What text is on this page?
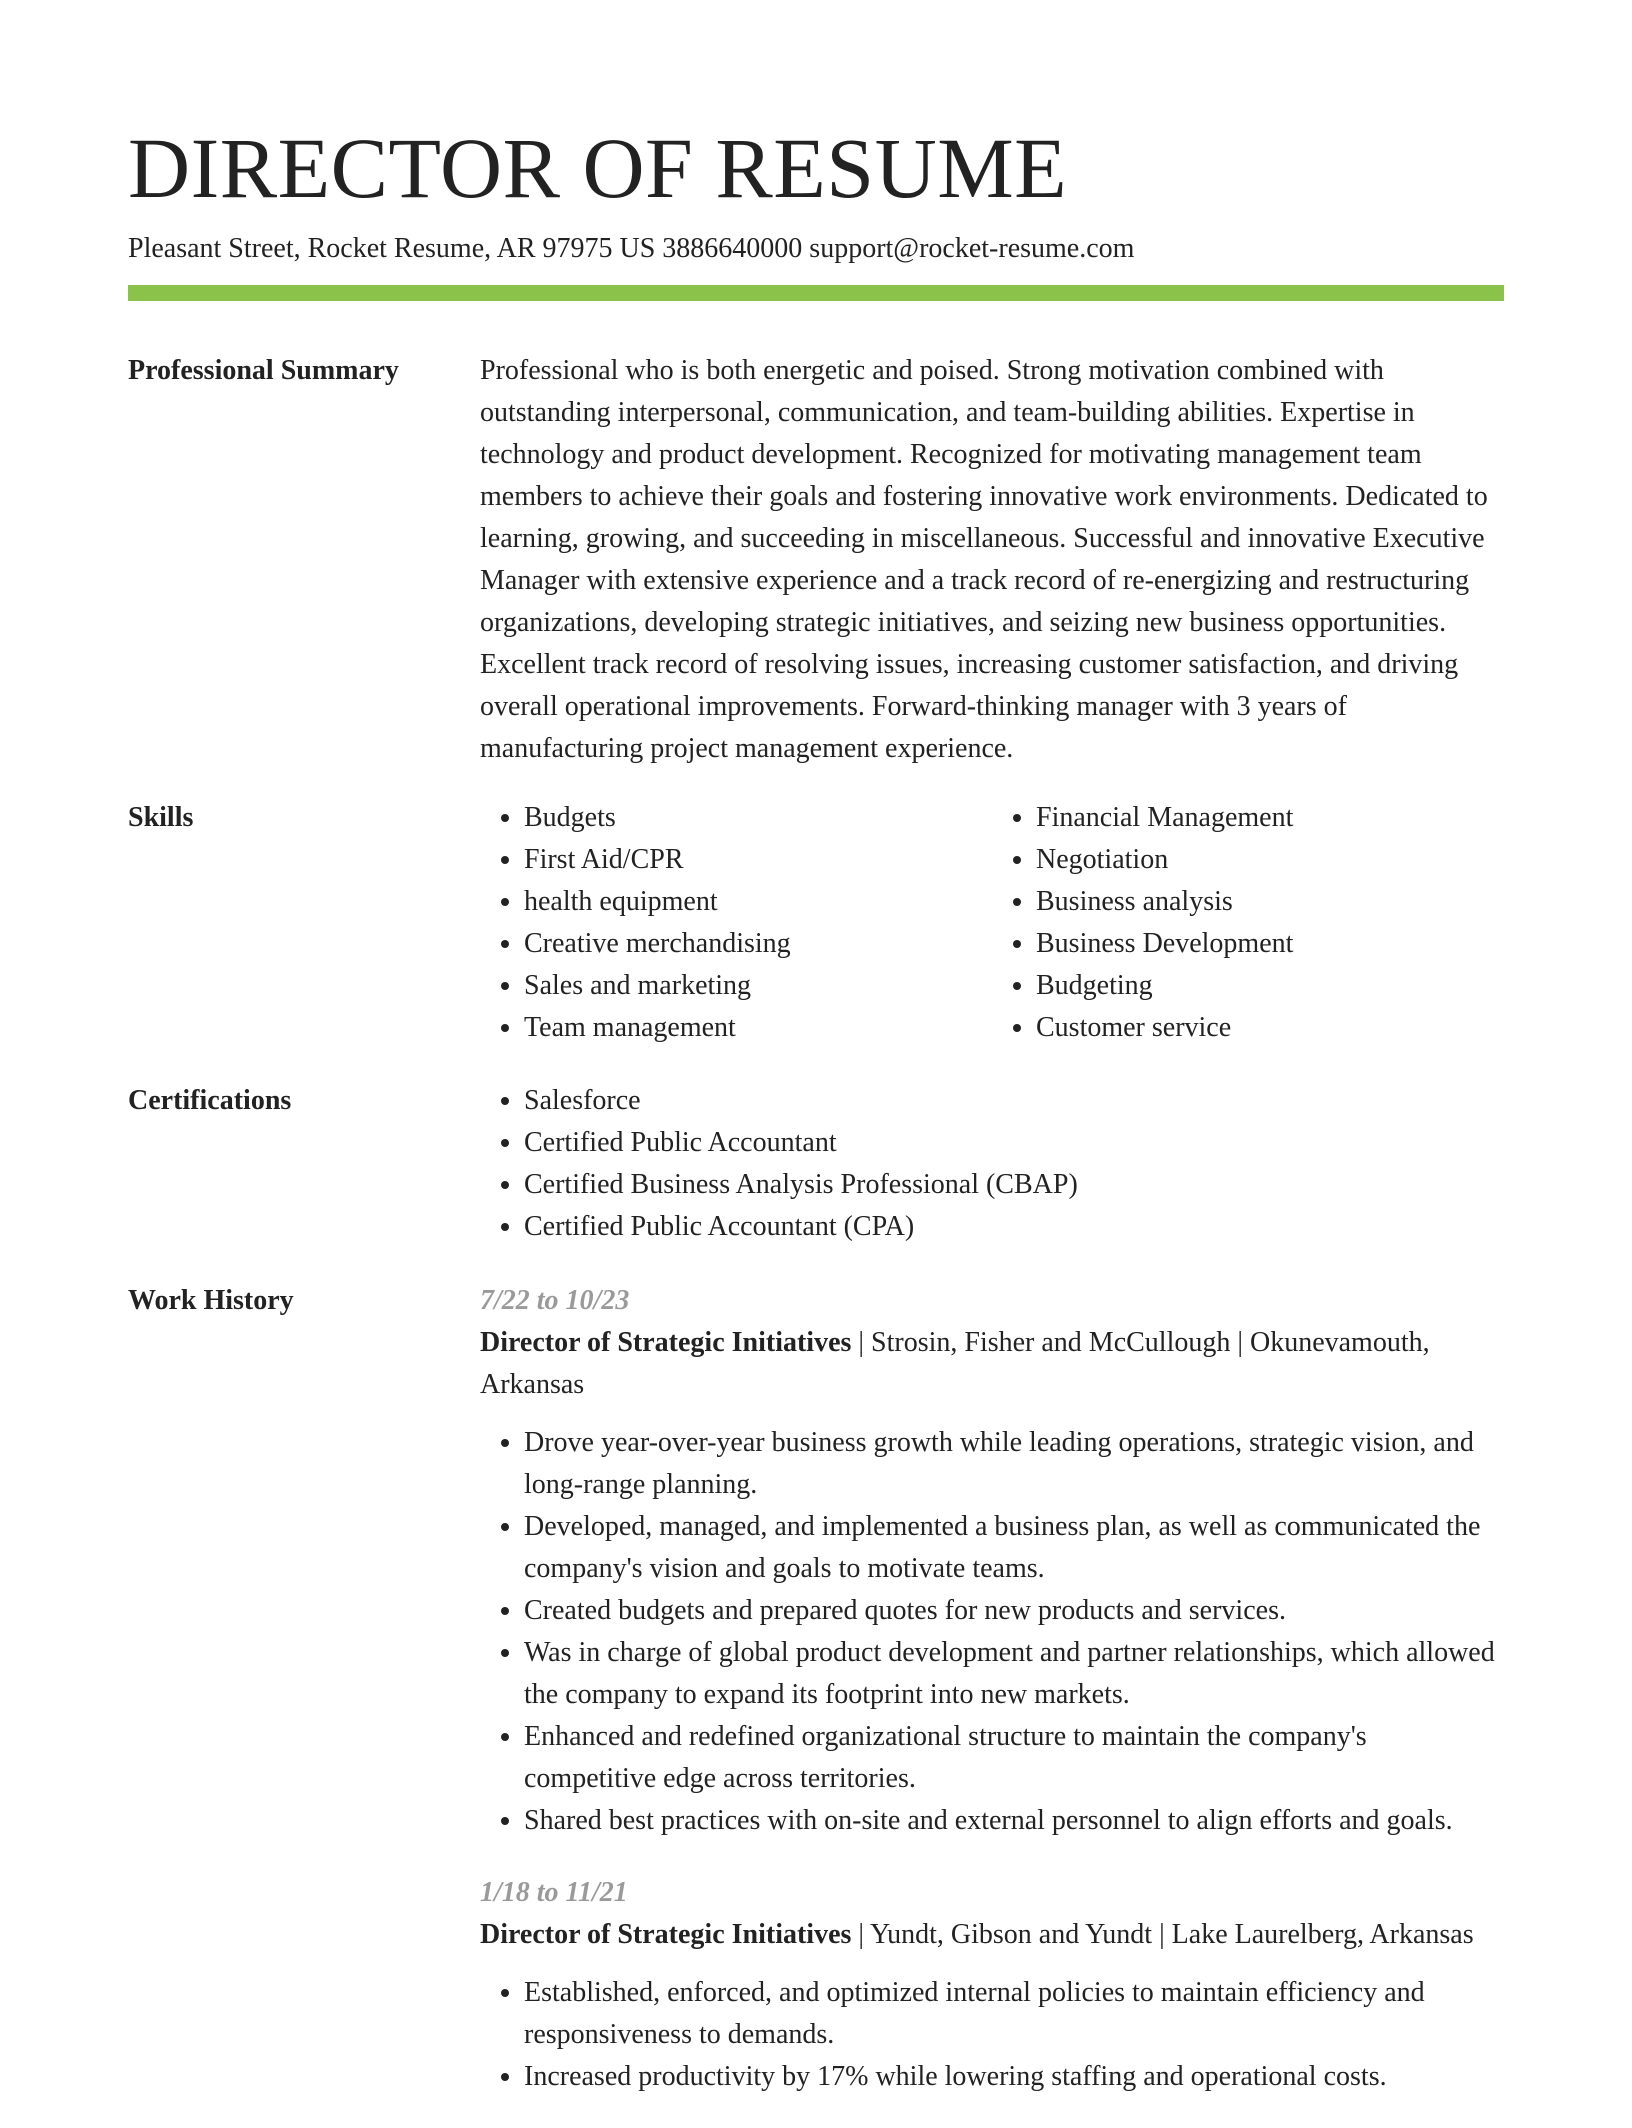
DIRECTOR OF RESUME
Pleasant Street, Rocket Resume, AR 97975 US 3886640000 support@rocket-resume.com
Professional Summary	Professional who is both energetic and poised. Strong motivation combined with outstanding interpersonal, communication, and team-building abilities. Expertise in technology and product development. Recognized for motivating management team members to achieve their goals and fostering innovative work environments. Dedicated to learning, growing, and succeeding in miscellaneous. Successful and innovative Executive Manager with extensive experience and a track record of re-energizing and restructuring organizations, developing strategic initiatives, and seizing new business opportunities. Excellent track record of resolving issues, increasing customer satisfaction, and driving overall operational improvements. Forward-thinking manager with 3 years of manufacturing project management experience.

Skills	• Budgets
• First Aid/CPR
• health equipment
• Creative merchandising
• Sales and marketing
• Team management
• Financial Management
• Negotiation
• Business analysis
• Business Development
• Budgeting
• Customer service
Certifications	• Salesforce
• Certified Public Accountant
• Certified Business Analysis Professional (CBAP)
• Certified Public Accountant (CPA)
Work History	7/22 to 10/23
Director of Strategic Initiatives | Strosin, Fisher and McCullough | Okunevamouth, Arkansas
• Drove year-over-year business growth while leading operations, strategic vision, and long-range planning.
• Developed, managed, and implemented a business plan, as well as communicated the company's vision and goals to motivate teams.
• Created budgets and prepared quotes for new products and services.
• Was in charge of global product development and partner relationships, which allowed the company to expand its footprint into new markets.
• Enhanced and redefined organizational structure to maintain the company's competitive edge across territories.
• Shared best practices with on-site and external personnel to align efforts and goals.
1/18 to 11/21
Director of Strategic Initiatives | Yundt, Gibson and Yundt | Lake Laurelberg, Arkansas
• Established, enforced, and optimized internal policies to maintain efficiency and responsiveness to demands.
• Increased productivity by 17% while lowering staffing and operational costs.
